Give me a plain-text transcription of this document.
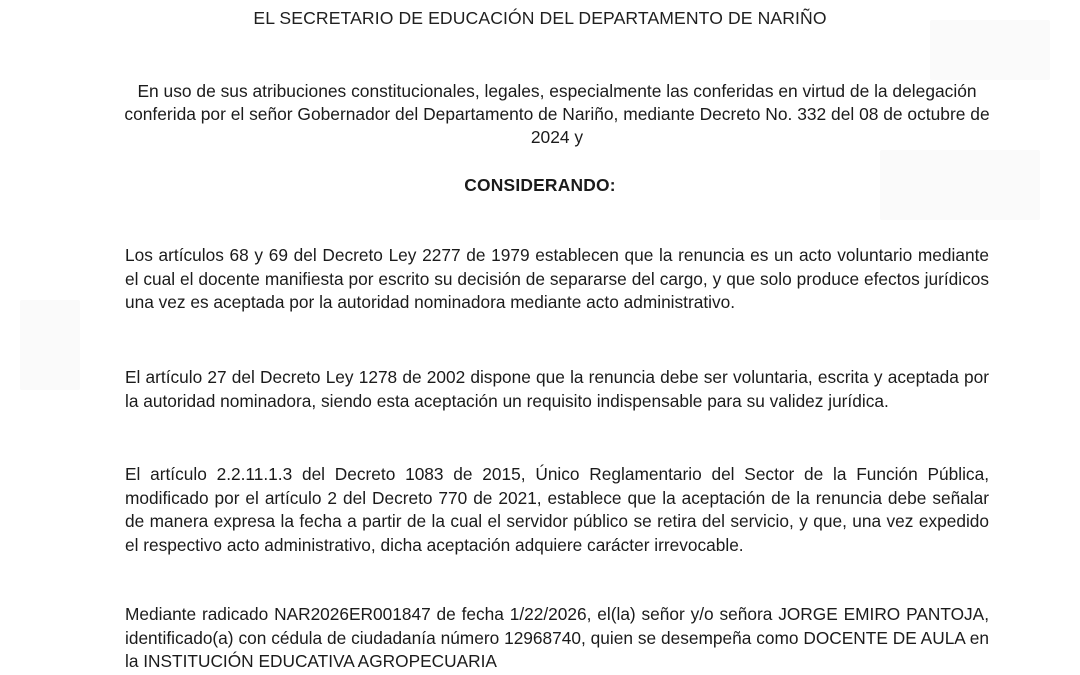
EL SECRETARIO DE EDUCACIÓN DEL DEPARTAMENTO DE NARIÑO
En uso de sus atribuciones constitucionales, legales, especialmente las conferidas en virtud de la delegación conferida por el señor Gobernador del Departamento de Nariño, mediante Decreto No. 332 del 08 de octubre de 2024 y
CONSIDERANDO:
Los artículos 68 y 69 del Decreto Ley 2277 de 1979 establecen que la renuncia es un acto voluntario mediante el cual el docente manifiesta por escrito su decisión de separarse del cargo, y que solo produce efectos jurídicos una vez es aceptada por la autoridad nominadora mediante acto administrativo.
El artículo 27 del Decreto Ley 1278 de 2002 dispone que la renuncia debe ser voluntaria, escrita y aceptada por la autoridad nominadora, siendo esta aceptación un requisito indispensable para su validez jurídica.
El artículo 2.2.11.1.3 del Decreto 1083 de 2015, Único Reglamentario del Sector de la Función Pública, modificado por el artículo 2 del Decreto 770 de 2021, establece que la aceptación de la renuncia debe señalar de manera expresa la fecha a partir de la cual el servidor público se retira del servicio, y que, una vez expedido el respectivo acto administrativo, dicha aceptación adquiere carácter irrevocable.
Mediante radicado NAR2026ER001847 de fecha 1/22/2026, el(la) señor y/o señora JORGE EMIRO PANTOJA, identificado(a) con cédula de ciudadanía número 12968740, quien se desempeña como DOCENTE DE AULA en la INSTITUCIÓN EDUCATIVA AGROPECUARIA
